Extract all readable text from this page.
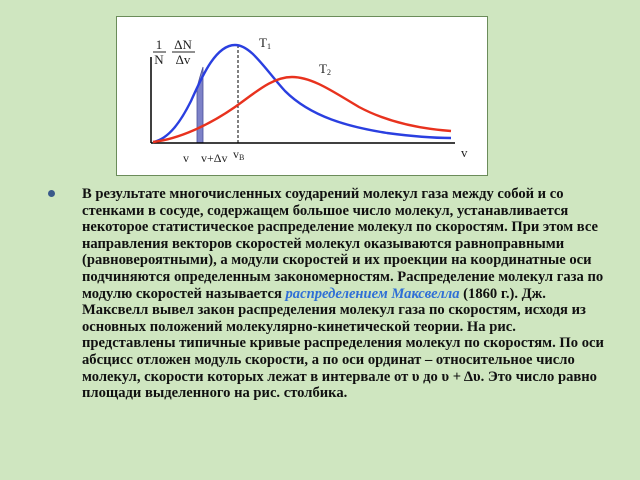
1
N
ΔN
Δv
T1
T2
v
v v+Δv vB

В результате многочисленных соударений молекул газа между собой и со стенками в сосуде, содержащем большое число молекул, устанавливается некоторое статистическое распределение молекул по скоростям. При этом все направления векторов скоростей молекул оказываются равноправными (равновероятными), а модули скоростей и их проекции на координатные оси подчиняются определенным закономерностям. Распределение молекул газа по модулю скоростей называется распределением Максвелла (1860 г.). Дж. Максвелл вывел закон распределения молекул газа по скоростям, исходя из основных положений молекулярно-кинетической теории. На рис. представлены типичные кривые распределения молекул по скоростям. По оси абсцисс отложен модуль скорости, а по оси ординат – относительное число молекул, скорости которых лежат в интервале от υ до υ + Δυ. Это число равно площади выделенного на рис. столбика.
